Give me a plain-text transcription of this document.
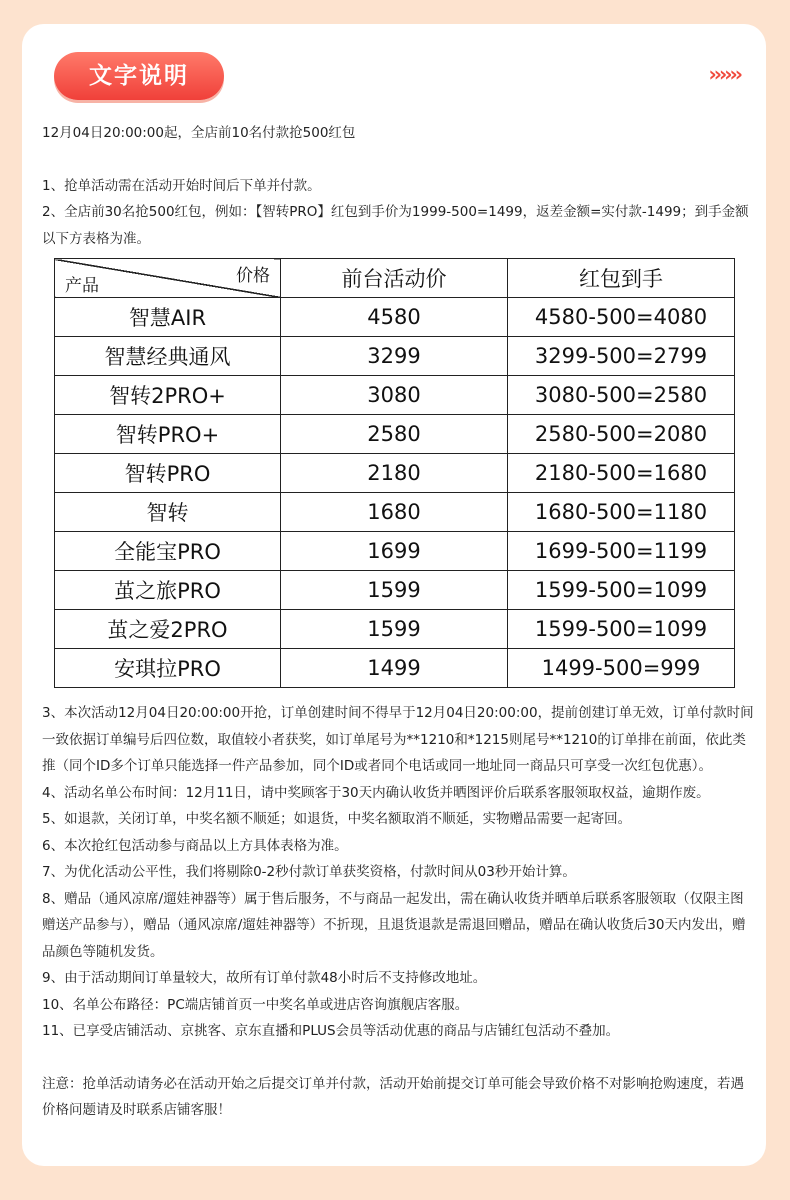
文字说明	››››››

12月04日20:00:00起，全店前10名付款抢500红包

1、抢单活动需在活动开始时间后下单并付款。

2、全店前30名抢500红包，例如：【智转PRO】红包到手价为1999-500=1499，返差金额=实付款-1499；到手金额以下方表格为准。

价格
产品	前台活动价	红包到手
智慧AIR	4580	4580-500=4080
智慧经典通风	3299	3299-500=2799
智转2PRO+	3080	3080-500=2580
智转PRO+	2580	2580-500=2080
智转PRO	2180	2180-500=1680
智转	1680	1680-500=1180
全能宝PRO	1699	1699-500=1199
茧之旅PRO	1599	1599-500=1099
茧之爱2PRO	1599	1599-500=1099
安琪拉PRO	1499	1499-500=999

3、本次活动12月04日20:00:00开抢，订单创建时间不得早于12月04日20:00:00，提前创建订单无效，订单付款时间一致依据订单编号后四位数，取值较小者获奖，如订单尾号为**1210和*1215则尾号**1210的订单排在前面，依此类推（同个ID多个订单只能选择一件产品参加，同个ID或者同个电话或同一地址同一商品只可享受一次红包优惠）。

4、活动名单公布时间：12月11日，请中奖顾客于30天内确认收货并晒图评价后联系客服领取权益，逾期作废。

5、如退款，关闭订单，中奖名额不顺延；如退货，中奖名额取消不顺延，实物赠品需要一起寄回。

6、本次抢红包活动参与商品以上方具体表格为准。

7、为优化活动公平性，我们将剔除0-2秒付款订单获奖资格，付款时间从03秒开始计算。

8、赠品（通风凉席/遛娃神器等）属于售后服务，不与商品一起发出，需在确认收货并晒单后联系客服领取（仅限主图赠送产品参与），赠品（通风凉席/遛娃神器等）不折现，且退货退款是需退回赠品，赠品在确认收货后30天内发出，赠品颜色等随机发货。

9、由于活动期间订单量较大，故所有订单付款48小时后不支持修改地址。

10、名单公布路径：PC端店铺首页一中奖名单或进店咨询旗舰店客服。

11、已享受店铺活动、京挑客、京东直播和PLUS会员等活动优惠的商品与店铺红包活动不叠加。

注意：抢单活动请务必在活动开始之后提交订单并付款，活动开始前提交订单可能会导致价格不对影响抢购速度，若遇价格问题请及时联系店铺客服！
